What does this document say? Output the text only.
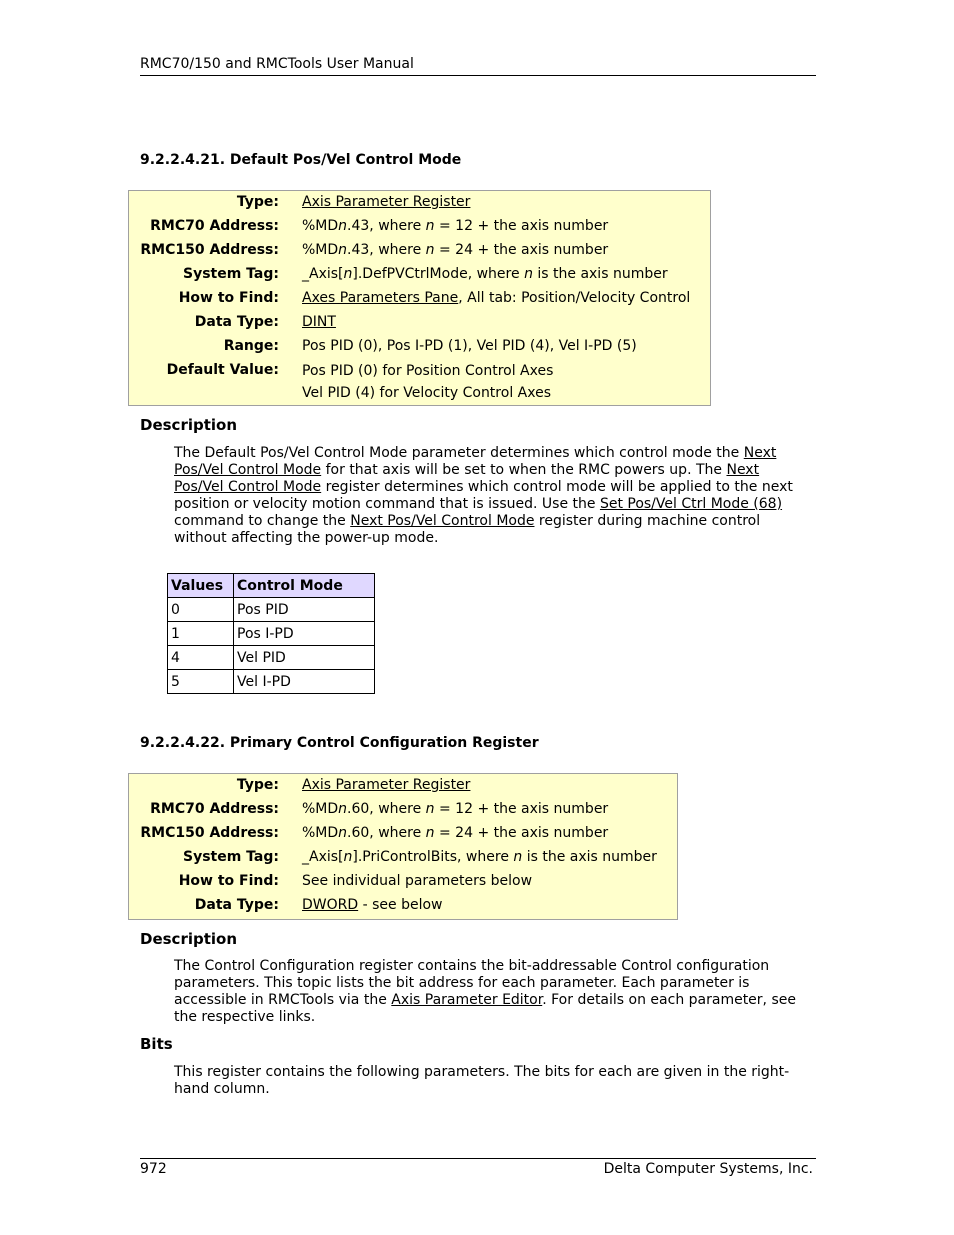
RMC70/150 and RMCTools User Manual
9.2.2.4.21. Default Pos/Vel Control Mode
Type: Axis Parameter Register
RMC70 Address: %MDn.43, where n = 12 + the axis number
RMC150 Address: %MDn.43, where n = 24 + the axis number
System Tag: _Axis[n].DefPVCtrlMode, where n is the axis number
How to Find: Axes Parameters Pane, All tab: Position/Velocity Control
Data Type: DINT
Range: Pos PID (0), Pos I-PD (1), Vel PID (4), Vel I-PD (5)
Default Value: Pos PID (0) for Position Control Axes
Vel PID (4) for Velocity Control Axes
Description
The Default Pos/Vel Control Mode parameter determines which control mode the Next Pos/Vel Control Mode for that axis will be set to when the RMC powers up. The Next Pos/Vel Control Mode register determines which control mode will be applied to the next position or velocity motion command that is issued. Use the Set Pos/Vel Ctrl Mode (68) command to change the Next Pos/Vel Control Mode register during machine control without affecting the power-up mode.
Values	Control Mode
0	Pos PID
1	Pos I-PD
4	Vel PID
5	Vel I-PD
9.2.2.4.22. Primary Control Configuration Register
Type: Axis Parameter Register
RMC70 Address: %MDn.60, where n = 12 + the axis number
RMC150 Address: %MDn.60, where n = 24 + the axis number
System Tag: _Axis[n].PriControlBits, where n is the axis number
How to Find: See individual parameters below
Data Type: DWORD - see below
Description
The Control Configuration register contains the bit-addressable Control configuration parameters. This topic lists the bit address for each parameter. Each parameter is accessible in RMCTools via the Axis Parameter Editor. For details on each parameter, see the respective links.
Bits
This register contains the following parameters. The bits for each are given in the right-hand column.
972	Delta Computer Systems, Inc.
